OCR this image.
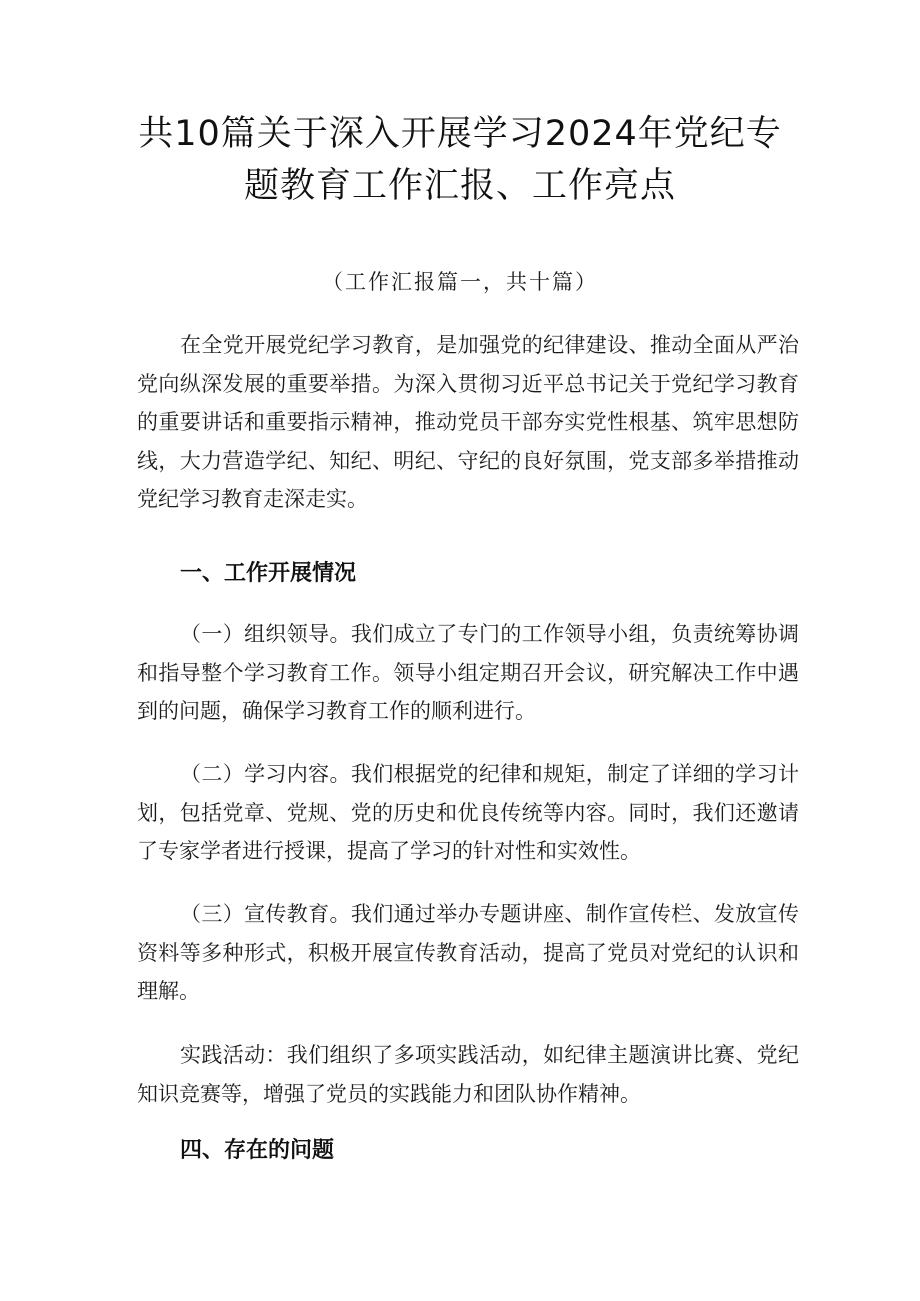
共10篇关于深入开展学习2024年党纪专
题教育工作汇报、工作亮点
（工作汇报篇一，共十篇）

在全党开展党纪学习教育，是加强党的纪律建设、推动全面从严治党向纵深发展的重要举措。为深入贯彻习近平总书记关于党纪学习教育的重要讲话和重要指示精神，推动党员干部夯实党性根基、筑牢思想防线，大力营造学纪、知纪、明纪、守纪的良好氛围，党支部多举措推动党纪学习教育走深走实。

一、工作开展情况

（一）组织领导。我们成立了专门的工作领导小组，负责统筹协调和指导整个学习教育工作。领导小组定期召开会议，研究解决工作中遇到的问题，确保学习教育工作的顺利进行。

（二）学习内容。我们根据党的纪律和规矩，制定了详细的学习计划，包括党章、党规、党的历史和优良传统等内容。同时，我们还邀请了专家学者进行授课，提高了学习的针对性和实效性。

（三）宣传教育。我们通过举办专题讲座、制作宣传栏、发放宣传资料等多种形式，积极开展宣传教育活动，提高了党员对党纪的认识和理解。

实践活动：我们组织了多项实践活动，如纪律主题演讲比赛、党纪知识竞赛等，增强了党员的实践能力和团队协作精神。

四、存在的问题
